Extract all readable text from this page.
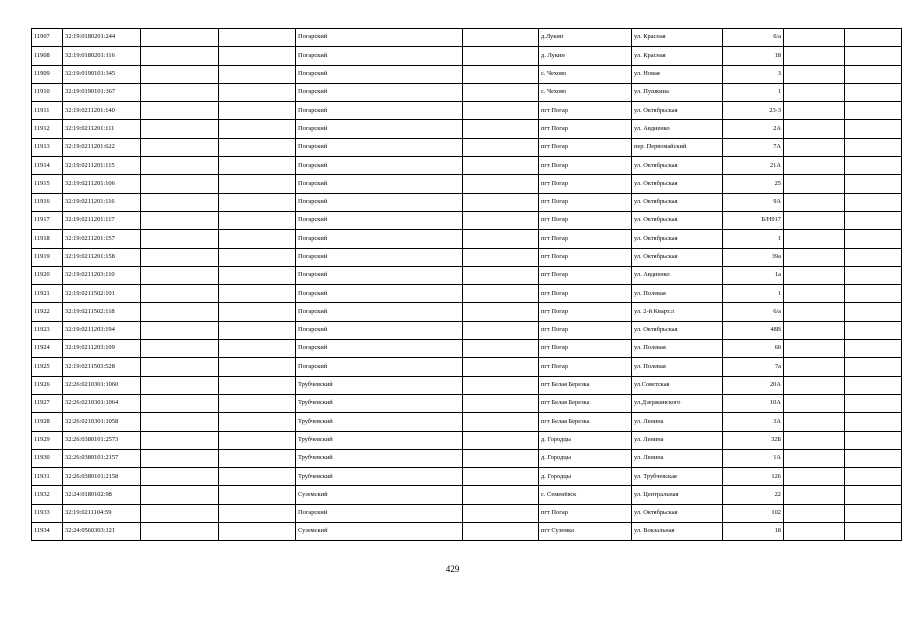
11907	32:19:0180201:244			Погарский		д.Лукин	ул. Красная	6/а			
11908	32:19:0180201:116			Погарский		д. Лукин	ул. Красная	18			
11909	32:19:0190101:345			Погарский		с. Чехово	ул. Новая	3			
11910	32:19:0190101:367			Погарский		с. Чехово	ул. Пушкина	1			
11911	32:19:0211201:140			Погарский		пгт Погар	ул. Октябрьская	23-3			
11912	32:19:0211201:111			Погарский		пгт Погар	ул. Авдиенко	2А			
11913	32:19:0211201:622			Погарский		пгт Погар	пер. Первомайский	7А			
11914	32:19:0211201:115			Погарский		пгт Погар	ул. Октябрьская	21А			
11915	32:19:0211201:106			Погарский		пгт Погар	ул. Октябрьская	25			
11916	32:19:0211201:116			Погарский		пгт Погар	ул. Октябрьская	9А			
11917	32:19:0211201:117			Погарский		пгт Погар	ул. Октябрьская	Б/Н917			
11918	32:19:0211201:157			Погарский		пгт Погар	ул. Октябрьская	1			
11919	32:19:0211201:158			Погарский		пгт Погар	ул. Октябрьская	39а			
11920	32:19:0211203:110			Погарский		пгт Погар	ул. Авдиенко	1а			
11921	32:19:0211502:101			Погарский		пгт Погар	ул. Полевая	1			
11922	32:19:0211502:118			Погарский		пгт Погар	ул. 2-й Кварт.л	6/а			
11923	32:19:0211203:194			Погарский		пгт Погар	ул. Октябрьская	48В			
11924	32:19:0211203:109			Погарский		пгт Погар	ул. Полевая	60			
11925	32:19:0211503:528			Погарский		пгт Погар	ул. Полевая	7а			
11926	32:26:0210301:1060			Трубчевский		пгт Белая Березка	ул.Советская	20А			
11927	32:26:0210301:1064			Трубчевский		пгт Белая Березка	ул.Дзержинского	10А			
11928	32:26:0210301:1058			Трубчевский		пгт Белая Березка	ул. Ленина	3А			
11929	32:26:0380101:2573			Трубчевский		д. Городцы	ул. Ленина	32Б			
11930	32:26:0380101:2157			Трубчевский		д. Городцы	ул. Ленина	1А			
11931	32:26:0380101:2158			Трубчевский		д. Городцы	ул. Трубчевская	126			
11932	32:24:0180102:98			Суземский		с. Семенёвск	ул. Центральная	22			
11933	32:19:0211104:59			Погарский		пгт Погар	ул. Октябрьская	102			
11934	32:24:0560303:121			Суземский		пгт Суземка	ул. Вокзальная	18			
429
